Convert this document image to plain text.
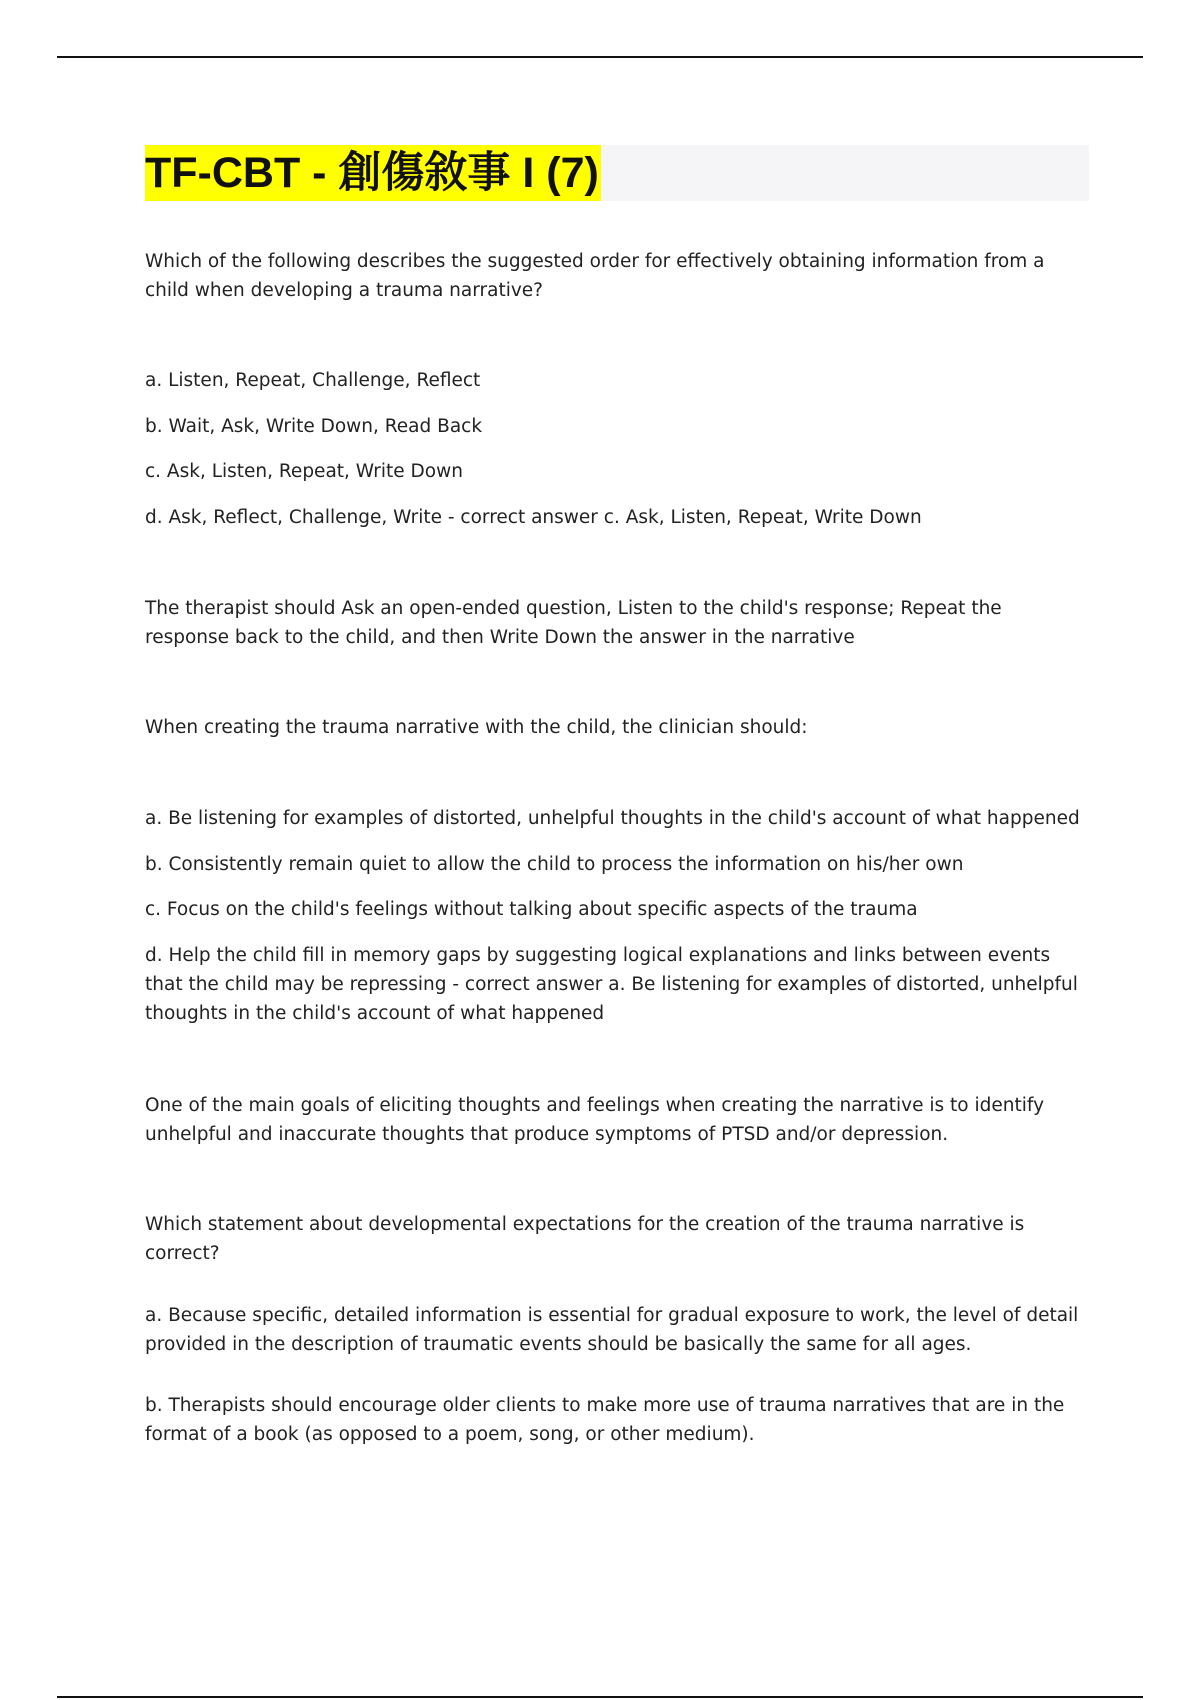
TF-CBT - 創傷敘事 I (7)

Which of the following describes the suggested order for effectively obtaining information from a child when developing a trauma narrative?

a. Listen, Repeat, Challenge, Reflect

b. Wait, Ask, Write Down, Read Back

c. Ask, Listen, Repeat, Write Down

d. Ask, Reflect, Challenge, Write - correct answer c. Ask, Listen, Repeat, Write Down

The therapist should Ask an open-ended question, Listen to the child's response; Repeat the response back to the child, and then Write Down the answer in the narrative

When creating the trauma narrative with the child, the clinician should:

a. Be listening for examples of distorted, unhelpful thoughts in the child's account of what happened

b. Consistently remain quiet to allow the child to process the information on his/her own

c. Focus on the child's feelings without talking about specific aspects of the trauma

d. Help the child fill in memory gaps by suggesting logical explanations and links between events that the child may be repressing - correct answer a. Be listening for examples of distorted, unhelpful thoughts in the child's account of what happened

One of the main goals of eliciting thoughts and feelings when creating the narrative is to identify unhelpful and inaccurate thoughts that produce symptoms of PTSD and/or depression.

Which statement about developmental expectations for the creation of the trauma narrative is correct?

a. Because specific, detailed information is essential for gradual exposure to work, the level of detail provided in the description of traumatic events should be basically the same for all ages.

b. Therapists should encourage older clients to make more use of trauma narratives that are in the format of a book (as opposed to a poem, song, or other medium).
